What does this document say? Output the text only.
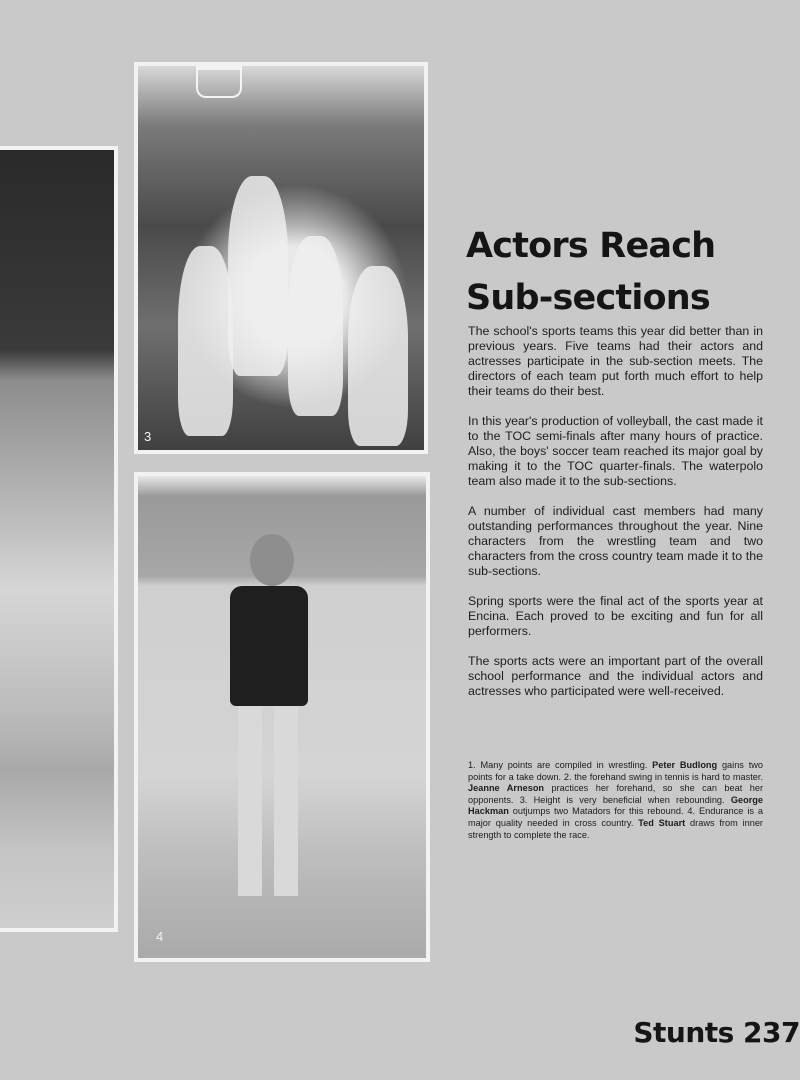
3
4
Actors Reach
Sub-sections

The school's sports teams this year did better than in previous years. Five teams had their actors and actresses participate in the sub-section meets. The directors of each team put forth much effort to help their teams do their best.

In this year's production of volleyball, the cast made it to the TOC semi-finals after many hours of practice. Also, the boys' soccer team reached its major goal by making it to the TOC quarter-finals. The waterpolo team also made it to the sub-sections.

A number of individual cast members had many outstanding performances throughout the year. Nine characters from the wrestling team and two characters from the cross country team made it to the sub-sections.

Spring sports were the final act of the sports year at Encina. Each proved to be exciting and fun for all performers.

The sports acts were an important part of the overall school performance and the individual actors and actresses who participated were well-received.

1. Many points are compiled in wrestling. Peter Budlong gains two points for a take down. 2. the forehand swing in tennis is hard to master. Jeanne Arneson practices her forehand, so she can beat her opponents. 3. Height is very beneficial when rebounding. George Hackman outjumps two Matadors for this rebound. 4. Endurance is a major quality needed in cross country. Ted Stuart draws from inner strength to complete the race.
Stunts 237
